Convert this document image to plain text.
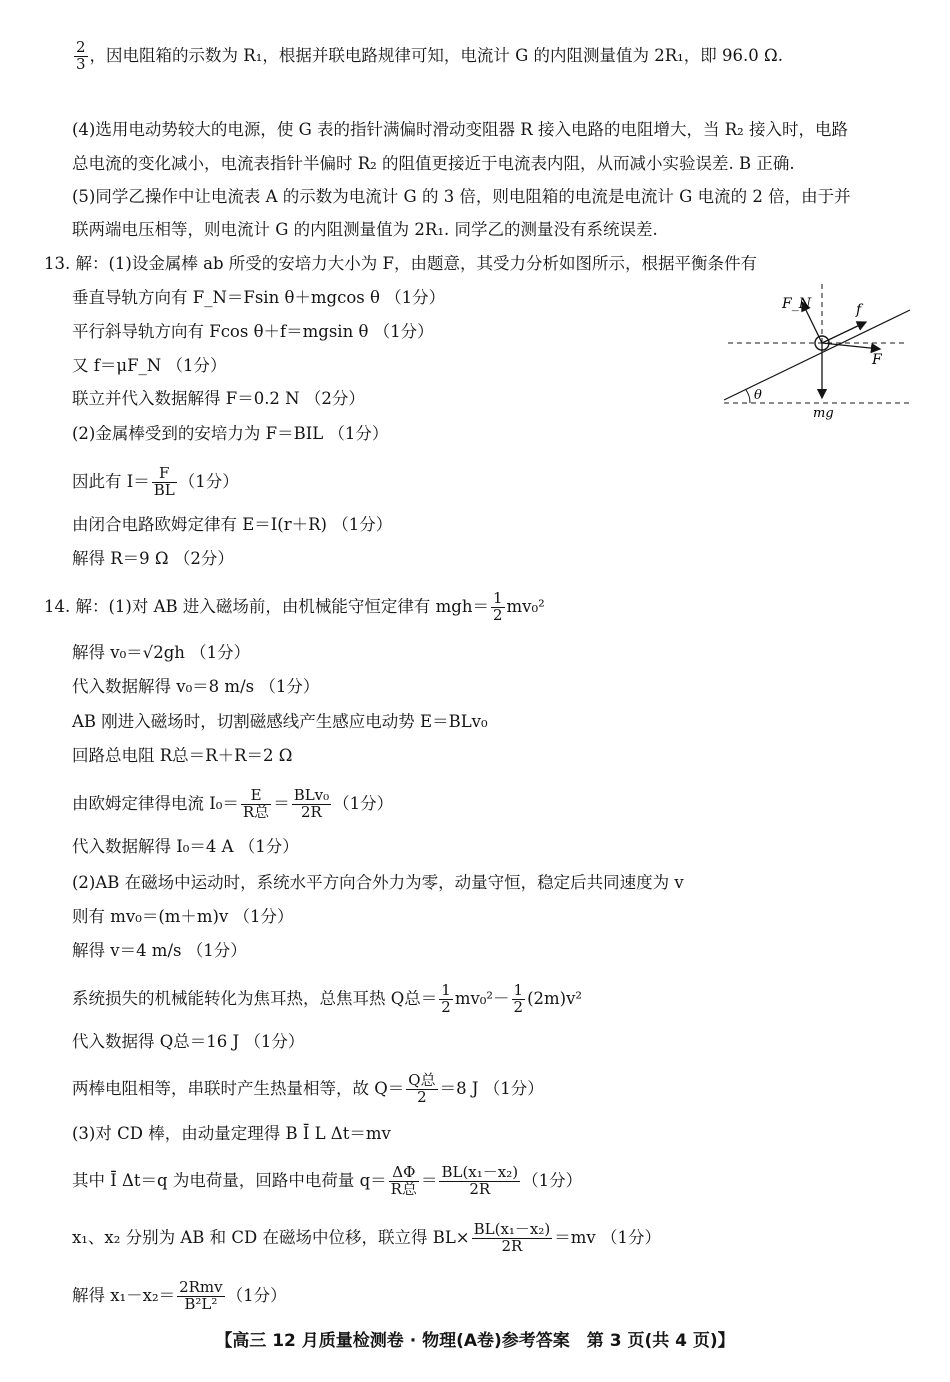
$\frac{2}{3}$ ，因电阻箱的示数为 R₁，根据并联电路规律可知，电流计 G 的内阻测量值为 2R₁，即 96.0 Ω.
(4)选用电动势较大的电源，使 G 表的指针满偏时滑动变阻器 R 接入电路的电阻增大，当 R₂ 接入时，电路
总电流的变化减小，电流表指针半偏时 R₂ 的阻值更接近于电流表内阻，从而减小实验误差. B 正确.
(5)同学乙操作中让电流表 A 的示数为电流计 G 的 3 倍，则电阻箱的电流是电流计 G 电流的 2 倍，由于并
联两端电压相等，则电流计 G 的内阻测量值为 2R₁. 同学乙的测量没有系统误差.
13. 解：(1)设金属棒 ab 所受的安培力大小为 F，由题意，其受力分析如图所示，根据平衡条件有
垂直导轨方向有 F_N＝Fsin θ＋mgcos θ （1分）
平行斜导轨方向有 Fcos θ＋f＝mgsin θ （1分）
又 f＝μF_N （1分）
联立并代入数据解得 F＝0.2 N （2分）
(2)金属棒受到的安培力为 F＝BIL （1分）
因此有 $I= \frac{F}{BL} (1$分）
由闭合电路欧姆定律有 E＝I(r＋R) （1分）
解得 R＝9 Ω （2分）
14. 解：(1)对 AB 进入磁场前，由机械能守恒定律有 $mgh= \frac{1}{2} mv_0^2$
解得 v₀＝√2gh （1分）
代入数据解得 v₀＝8 m/s （1分）
AB 刚进入磁场时，切割磁感线产生感应电动势 E＝BLv₀
回路总电阻 R总＝R＋R＝2 Ω
由欧姆定律得电流 $I_0= \frac{E}{\text{R总}} = \frac{\text{BLv₀}}{2R} (1$分）
代入数据解得 I₀＝4 A （1分）
(2)AB 在磁场中运动时，系统水平方向合外力为零，动量守恒，稳定后共同速度为 v
则有 mv₀＝(m＋m)v （1分）
解得 v＝4 m/s （1分）
系统损失的机械能转化为焦耳热，总焦耳热 Q总＝ $\frac{1}{2} mv_0^2- \frac{1}{2} (2m)v^2$
代入数据得 Q总＝16 J （1分）
两棒电阻相等，串联时产生热量相等，故 $Q= \frac{\text{Q总}}{2} =8$ J （1分）
(3)对 CD 棒，由动量定理得 B Ī L Δt＝mv
其中 Ī Δt＝q 为电荷量，回路中电荷量 $q= \frac{\Delta\Phi}{\text{R总}} = \frac{\text{BL(x₁－x₂)}}{2R} (1$分）
x₁、x₂ 分别为 AB 和 CD 在磁场中位移，联立得 $BL\times \frac{\text{BL(x₁－x₂)}}{2R} =mv$ （1分）
解得 $x_1-x_2= \frac{\text{2Rmv}}{\text{B²L²}} (1$分）
F_N	f
F
θ
mg
【高三 12 月质量检测卷 · 物理(A卷)参考答案　第 3 页(共 4 页)】
